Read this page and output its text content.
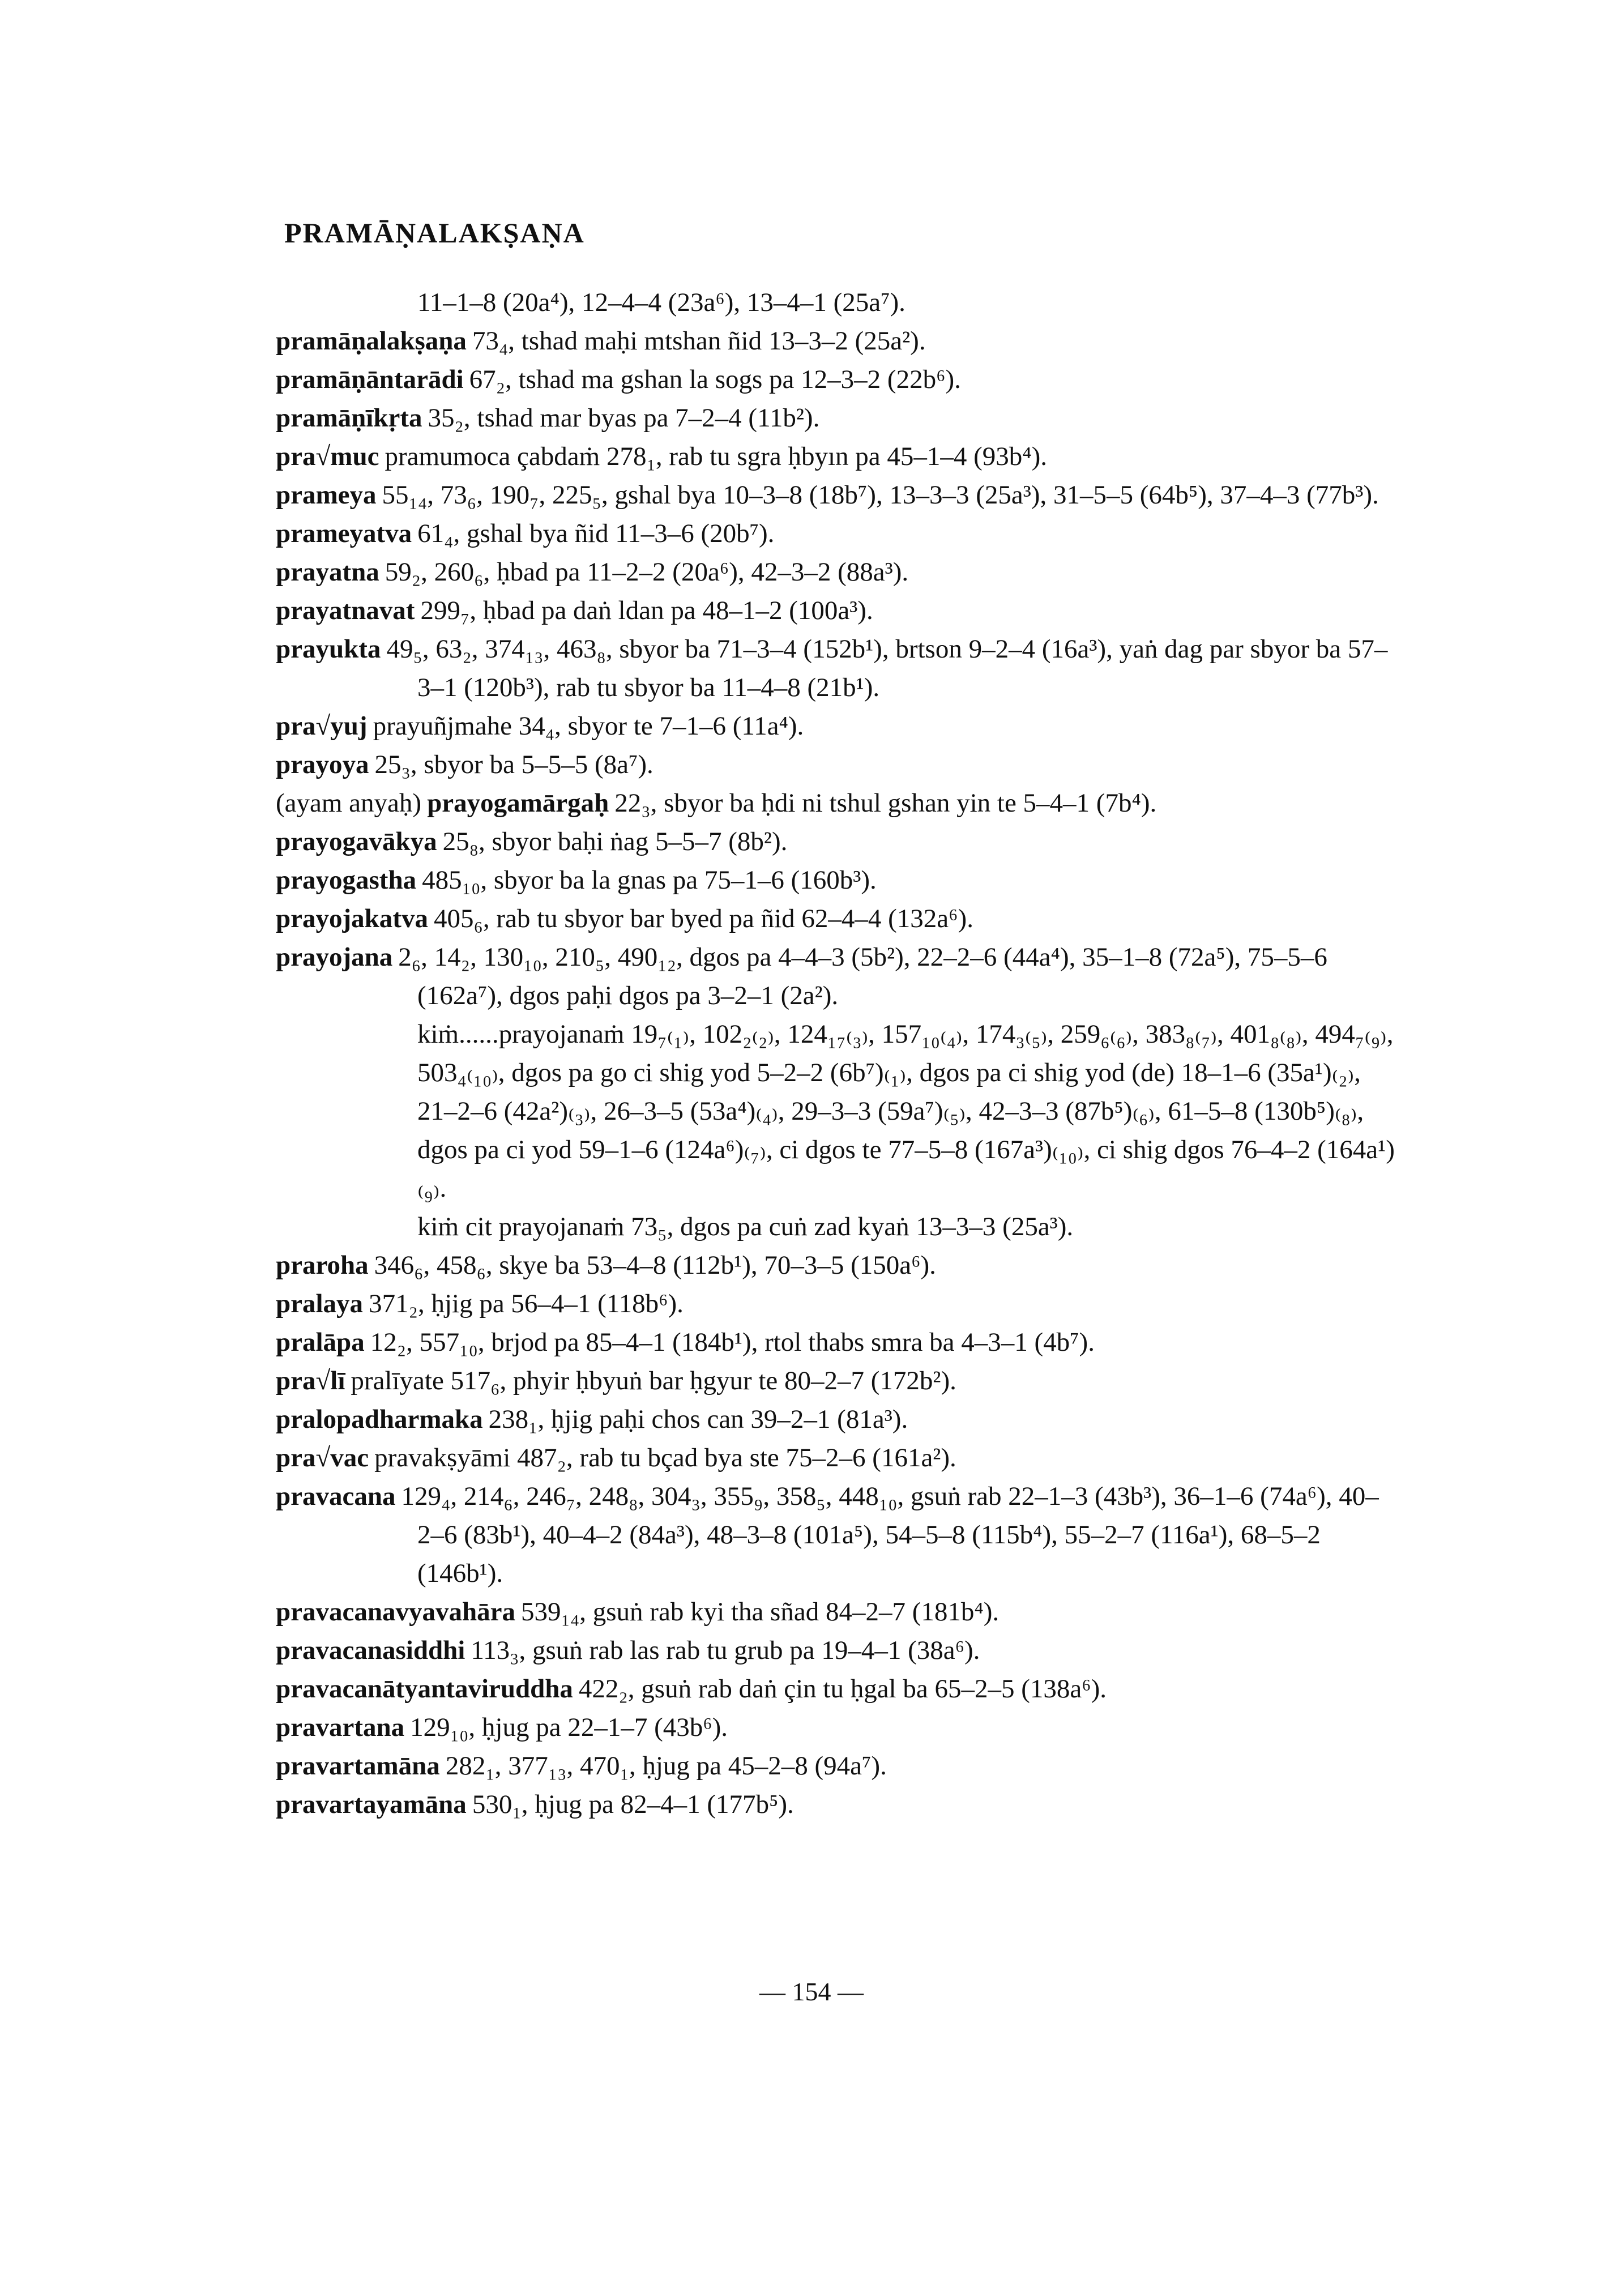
PRAMĀṆALAKṢAṆA

11–1–8 (20a⁴), 12–4–4 (23a⁶), 13–4–1 (25a⁷).

pramāṇalakṣaṇa 73₄, tshad maḥi mtshan ñid 13–3–2 (25a²).

pramāṇāntarādi 67₂, tshad ma gshan la sogs pa 12–3–2 (22b⁶).

pramāṇīkṛta 35₂, tshad mar byas pa 7–2–4 (11b²).

pra√muc pramumoca çabdaṁ 278₁, rab tu sgra ḥbyın pa 45–1–4 (93b⁴).

prameya 55₁₄, 73₆, 190₇, 225₅, gshal bya 10–3–8 (18b⁷), 13–3–3 (25a³), 31–5–5 (64b⁵), 37–4–3 (77b³).

prameyatva 61₄, gshal bya ñid 11–3–6 (20b⁷).

prayatna 59₂, 260₆, ḥbad pa 11–2–2 (20a⁶), 42–3–2 (88a³).

prayatnavat 299₇, ḥbad pa daṅ ldan pa 48–1–2 (100a³).

prayukta 49₅, 63₂, 374₁₃, 463₈, sbyor ba 71–3–4 (152b¹), brtson 9–2–4 (16a³), yaṅ dag par sbyor ba 57–3–1 (120b³), rab tu sbyor ba 11–4–8 (21b¹).

pra√yuj prayuñjmahe 34₄, sbyor te 7–1–6 (11a⁴).

prayoya 25₃, sbyor ba 5–5–5 (8a⁷).

(ayam anyaḥ) prayogamārgaḥ 22₃, sbyor ba ḥdi ni tshul gshan yin te 5–4–1 (7b⁴).

prayogavākya 25₈, sbyor baḥi ṅag 5–5–7 (8b²).

prayogastha 485₁₀, sbyor ba la gnas pa 75–1–6 (160b³).

prayojakatva 405₆, rab tu sbyor bar byed pa ñid 62–4–4 (132a⁶).

prayojana 2₆, 14₂, 130₁₀, 210₅, 490₁₂, dgos pa 4–4–3 (5b²), 22–2–6 (44a⁴), 35–1–8 (72a⁵), 75–5–6 (162a⁷), dgos paḥi dgos pa 3–2–1 (2a²).

kiṁ......prayojanaṁ 19₇₍₁₎, 102₂₍₂₎, 124₁₇₍₃₎, 157₁₀₍₄₎, 174₃₍₅₎, 259₆₍₆₎, 383₈₍₇₎, 401₈₍₈₎, 494₇₍₉₎, 503₄₍₁₀₎, dgos pa go ci shig yod 5–2–2 (6b⁷)₍₁₎, dgos pa ci shig yod (de) 18–1–6 (35a¹)₍₂₎, 21–2–6 (42a²)₍₃₎, 26–3–5 (53a⁴)₍₄₎, 29–3–3 (59a⁷)₍₅₎, 42–3–3 (87b⁵)₍₆₎, 61–5–8 (130b⁵)₍₈₎, dgos pa ci yod 59–1–6 (124a⁶)₍₇₎, ci dgos te 77–5–8 (167a³)₍₁₀₎, ci shig dgos 76–4–2 (164a¹)₍₉₎.

kiṁ cit prayojanaṁ 73₅, dgos pa cuṅ zad kyaṅ 13–3–3 (25a³).

praroha 346₆, 458₆, skye ba 53–4–8 (112b¹), 70–3–5 (150a⁶).

pralaya 371₂, ḥjig pa 56–4–1 (118b⁶).

pralāpa 12₂, 557₁₀, brjod pa 85–4–1 (184b¹), rtol thabs smra ba 4–3–1 (4b⁷).

pra√lī pralīyate 517₆, phyir ḥbyuṅ bar ḥgyur te 80–2–7 (172b²).

pralopadharmaka 238₁, ḥjig paḥi chos can 39–2–1 (81a³).

pra√vac pravakṣyāmi 487₂, rab tu bçad bya ste 75–2–6 (161a²).

pravacana 129₄, 214₆, 246₇, 248₈, 304₃, 355₉, 358₅, 448₁₀, gsuṅ rab 22–1–3 (43b³), 36–1–6 (74a⁶), 40–2–6 (83b¹), 40–4–2 (84a³), 48–3–8 (101a⁵), 54–5–8 (115b⁴), 55–2–7 (116a¹), 68–5–2 (146b¹).

pravacanavyavahāra 539₁₄, gsuṅ rab kyi tha sñad 84–2–7 (181b⁴).

pravacanasiddhi 113₃, gsuṅ rab las rab tu grub pa 19–4–1 (38a⁶).

pravacanātyantaviruddha 422₂, gsuṅ rab daṅ çin tu ḥgal ba 65–2–5 (138a⁶).

pravartana 129₁₀, ḥjug pa 22–1–7 (43b⁶).

pravartamāna 282₁, 377₁₃, 470₁, ḥjug pa 45–2–8 (94a⁷).

pravartayamāna 530₁, ḥjug pa 82–4–1 (177b⁵).

— 154 —
